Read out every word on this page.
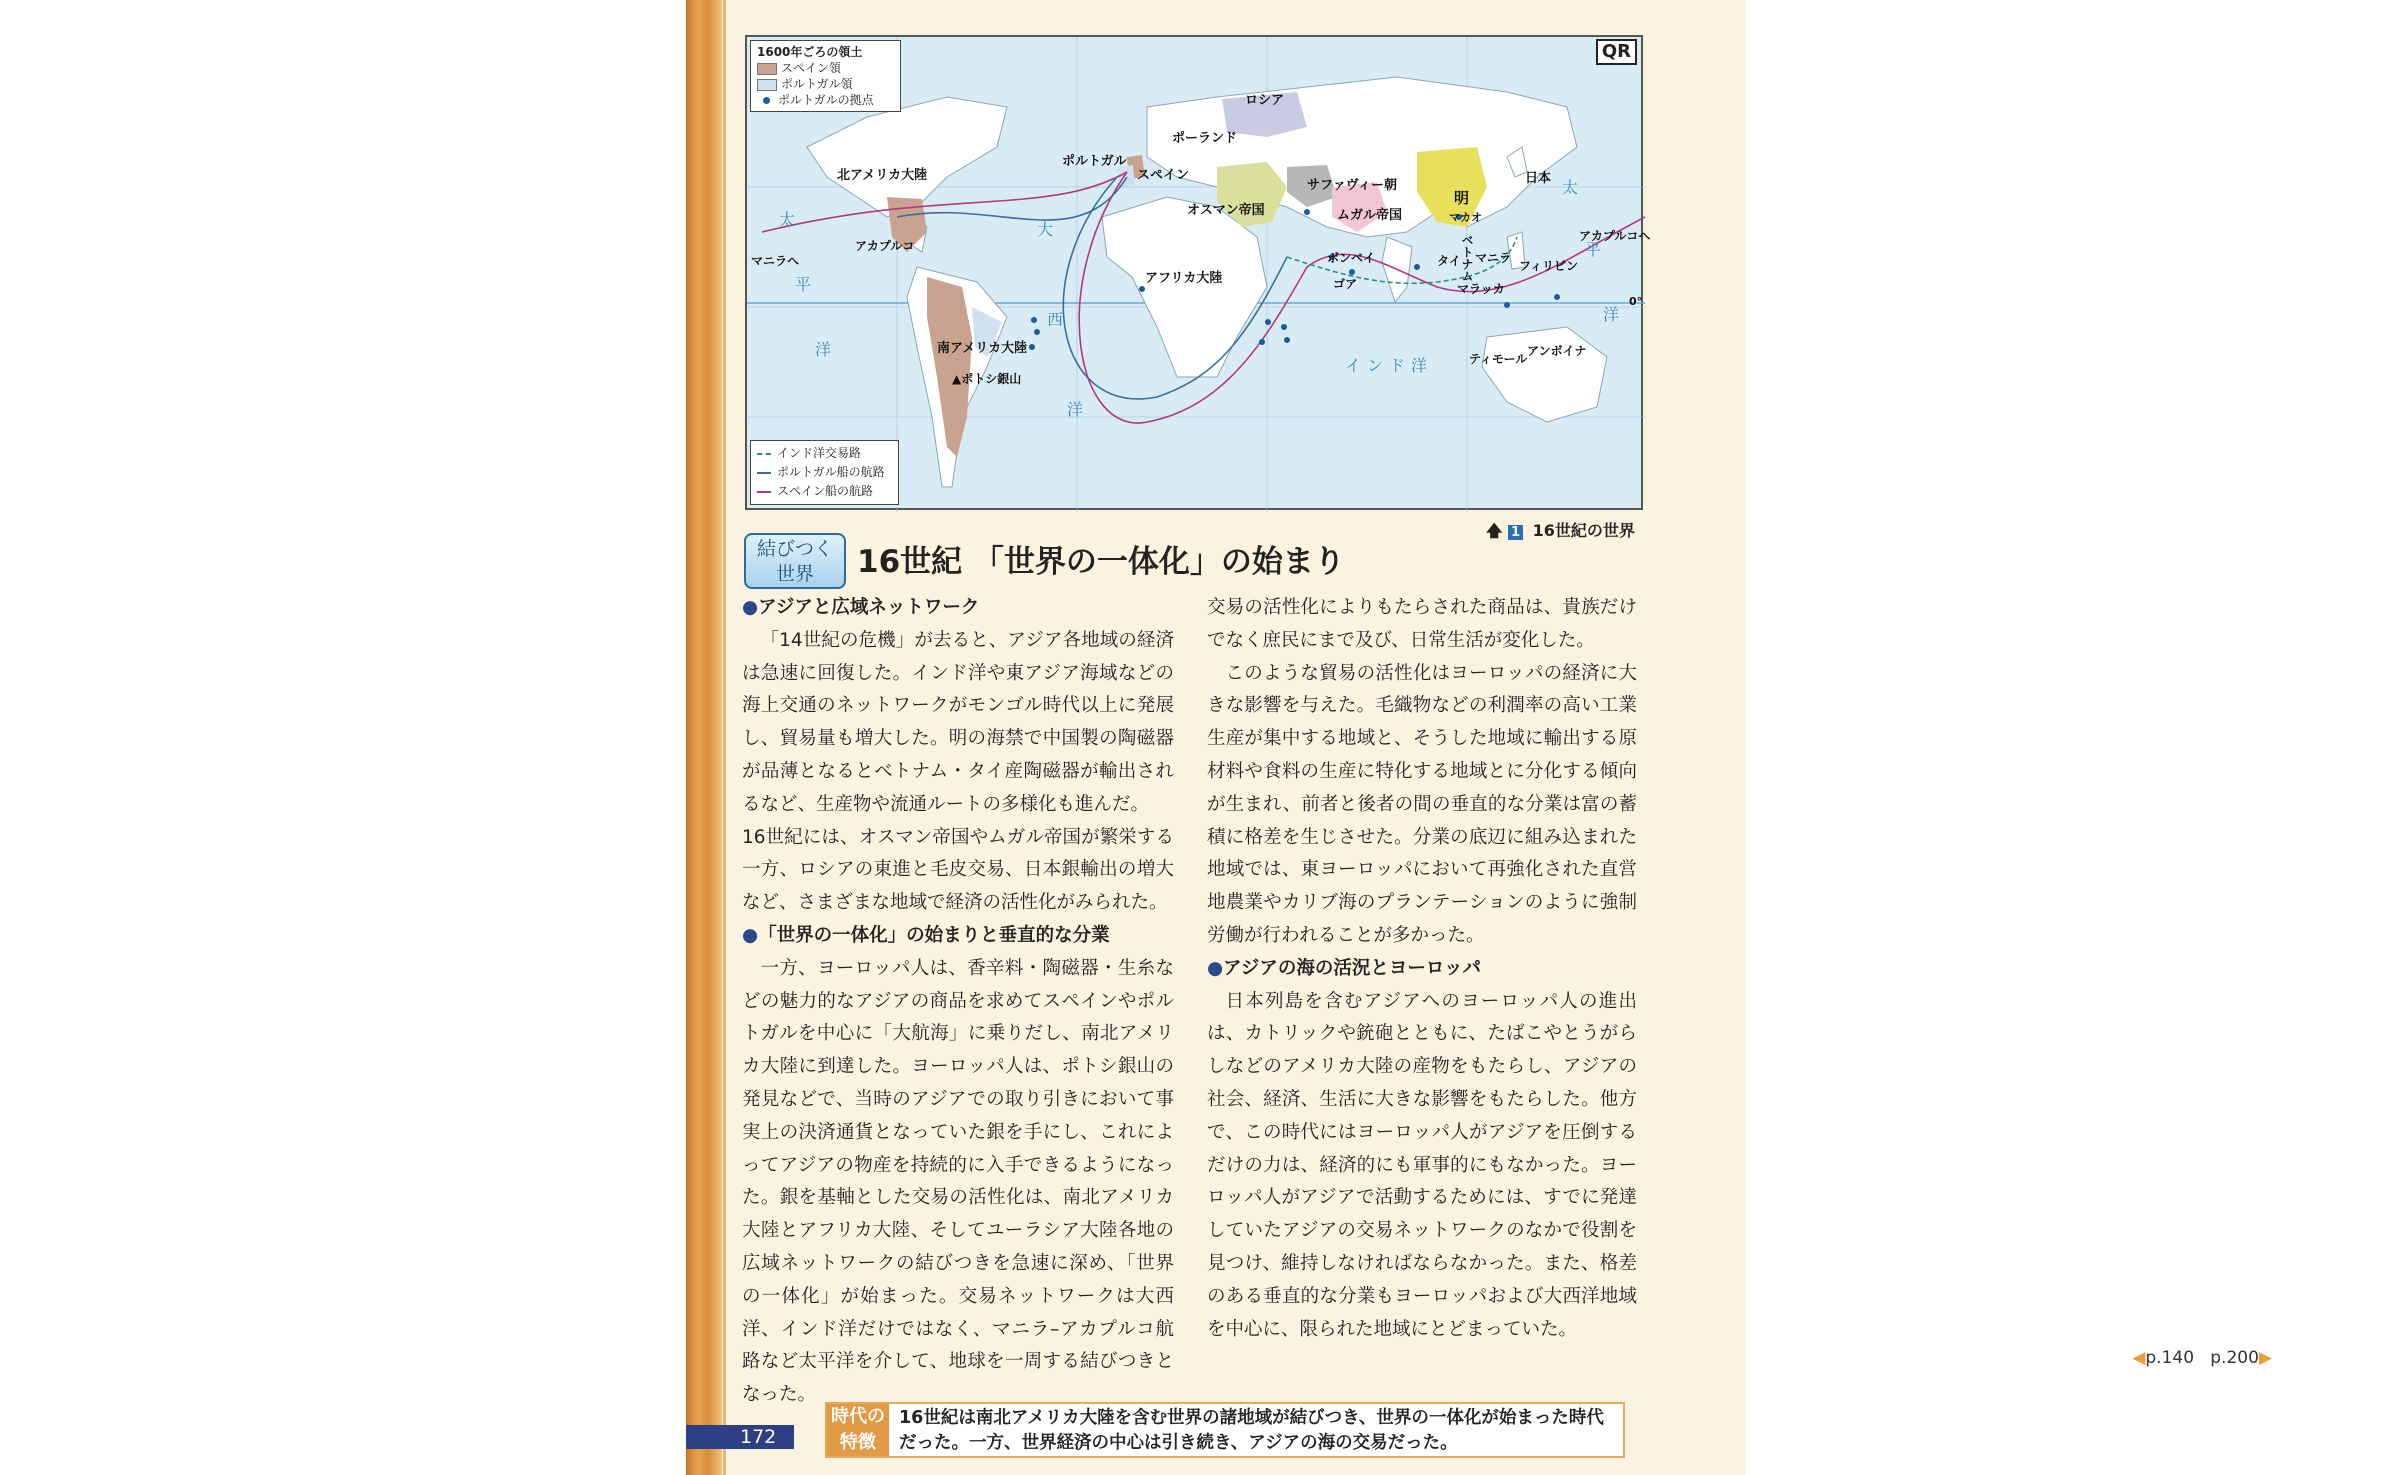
QR
1600年ごろの領土
スペイン領
ポルトガル領
ポルトガルの拠点
インド洋交易路
ポルトガル船の航路
スペイン船の航路
ロシア
ポーランド
ポルトガル
スペイン
サファヴィー朝
オスマン帝国	ムガル帝国
明
マカオ
日本
北アメリカ大陸
アカプルコ
マニラへ
アカプルコへ
アフリカ大陸
ボンベイ
ゴア
タイ ベトナム マニラ
フィリピン
マラッカ
南アメリカ大陸
▲ポトシ銀山
ティモール
アンボイナ
0°
インド洋
太
平
洋
大
西
洋
太
平
洋
🡅 1 16世紀の世界
結びつく
世界	16世紀 「世界の一体化」の始まり

●アジアと広域ネットワーク

「14世紀の危機」が去ると、アジア各地域の経済は急速に回復した。インド洋や東アジア海域などの海上交通のネットワークがモンゴル時代以上に発展し、貿易量も増大した。明の海禁で中国製の陶磁器が品薄となるとベトナム・タイ産陶磁器が輸出されるなど、生産物や流通ルートの多様化も進んだ。

16世紀には、オスマン帝国やムガル帝国が繁栄する一方、ロシアの東進と毛皮交易、日本銀輸出の増大など、さまざまな地域で経済の活性化がみられた。

●「世界の一体化」の始まりと垂直的な分業

一方、ヨーロッパ人は、香辛料・陶磁器・生糸などの魅力的なアジアの商品を求めてスペインやポルトガルを中心に「大航海」に乗りだし、南北アメリカ大陸に到達した。ヨーロッパ人は、ポトシ銀山の発見などで、当時のアジアでの取り引きにおいて事実上の決済通貨となっていた銀を手にし、これによってアジアの物産を持続的に入手できるようになった。銀を基軸とした交易の活性化は、南北アメリカ大陸とアフリカ大陸、そしてユーラシア大陸各地の広域ネットワークの結びつきを急速に深め、「世界の一体化」が始まった。交易ネットワークは大西洋、インド洋だけではなく、マニラ–アカプルコ航路など太平洋を介して、地球を一周する結びつきとなった。

交易の活性化によりもたらされた商品は、貴族だけでなく庶民にまで及び、日常生活が変化した。

このような貿易の活性化はヨーロッパの経済に大きな影響を与えた。毛織物などの利潤率の高い工業生産が集中する地域と、そうした地域に輸出する原材料や食料の生産に特化する地域とに分化する傾向が生まれ、前者と後者の間の垂直的な分業は富の蓄積に格差を生じさせた。分業の底辺に組み込まれた地域では、東ヨーロッパにおいて再強化された直営地農業やカリブ海のプランテーションのように強制労働が行われることが多かった。

●アジアの海の活況とヨーロッパ

日本列島を含むアジアへのヨーロッパ人の進出は、カトリックや銃砲とともに、たばこやとうがらしなどのアメリカ大陸の産物をもたらし、アジアの社会、経済、生活に大きな影響をもたらした。他方で、この時代にはヨーロッパ人がアジアを圧倒するだけの力は、経済的にも軍事的にもなかった。ヨーロッパ人がアジアで活動するためには、すでに発達していたアジアの交易ネットワークのなかで役割を見つけ、維持しなければならなかった。また、格差のある垂直的な分業もヨーロッパおよび大西洋地域を中心に、限られた地域にとどまっていた。

◀p.140 p.200▶
172
時代の
特徴
16世紀は南北アメリカ大陸を含む世界の諸地域が結びつき、世界の一体化が始まった時代だった。一方、世界経済の中心は引き続き、アジアの海の交易だった。
